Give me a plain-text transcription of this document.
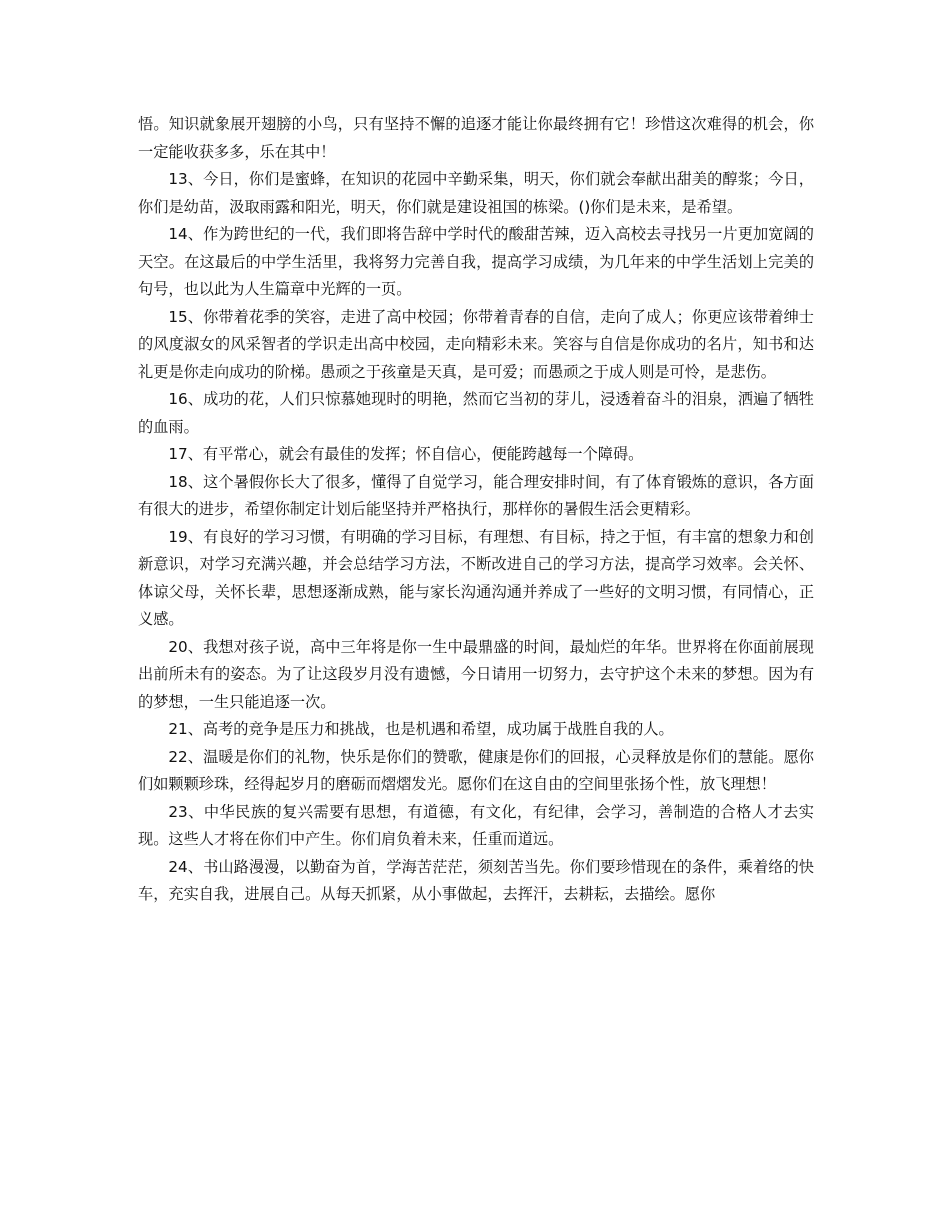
悟。知识就象展开翅膀的小鸟，只有坚持不懈的追逐才能让你最终拥有它！珍惜这次难得的机会，你一定能收获多多，乐在其中！

13、今日，你们是蜜蜂，在知识的花园中辛勤采集，明天，你们就会奉献出甜美的醇浆；今日，你们是幼苗，汲取雨露和阳光，明天，你们就是建设祖国的栋梁。()你们是未来，是希望。

14、作为跨世纪的一代，我们即将告辞中学时代的酸甜苦辣，迈入高校去寻找另一片更加宽阔的天空。在这最后的中学生活里，我将努力完善自我，提高学习成绩，为几年来的中学生活划上完美的句号，也以此为人生篇章中光辉的一页。

15、你带着花季的笑容，走进了高中校园；你带着青春的自信，走向了成人；你更应该带着绅士的风度淑女的风采智者的学识走出高中校园，走向精彩未来。笑容与自信是你成功的名片，知书和达礼更是你走向成功的阶梯。愚顽之于孩童是天真，是可爱；而愚顽之于成人则是可怜，是悲伤。

16、成功的花，人们只惊慕她现时的明艳，然而它当初的芽儿，浸透着奋斗的泪泉，洒遍了牺牲的血雨。

17、有平常心，就会有最佳的发挥；怀自信心，便能跨越每一个障碍。

18、这个暑假你长大了很多，懂得了自觉学习，能合理安排时间，有了体育锻炼的意识，各方面有很大的进步，希望你制定计划后能坚持并严格执行，那样你的暑假生活会更精彩。

19、有良好的学习习惯，有明确的学习目标，有理想、有目标，持之于恒，有丰富的想象力和创新意识，对学习充满兴趣，并会总结学习方法，不断改进自己的学习方法，提高学习效率。会关怀、体谅父母，关怀长辈，思想逐渐成熟，能与家长沟通沟通并养成了一些好的文明习惯，有同情心，正义感。

20、我想对孩子说，高中三年将是你一生中最鼎盛的时间，最灿烂的年华。世界将在你面前展现出前所未有的姿态。为了让这段岁月没有遗憾，今日请用一切努力，去守护这个未来的梦想。因为有的梦想，一生只能追逐一次。

21、高考的竞争是压力和挑战，也是机遇和希望，成功属于战胜自我的人。

22、温暖是你们的礼物，快乐是你们的赞歌，健康是你们的回报，心灵释放是你们的慧能。愿你们如颗颗珍珠，经得起岁月的磨砺而熠熠发光。愿你们在这自由的空间里张扬个性，放飞理想！

23、中华民族的复兴需要有思想，有道德，有文化，有纪律，会学习，善制造的合格人才去实现。这些人才将在你们中产生。你们肩负着未来，任重而道远。

24、书山路漫漫，以勤奋为首，学海苦茫茫，须刻苦当先。你们要珍惜现在的条件，乘着络的快车，充实自我，进展自己。从每天抓紧，从小事做起，去挥汗，去耕耘，去描绘。愿你
